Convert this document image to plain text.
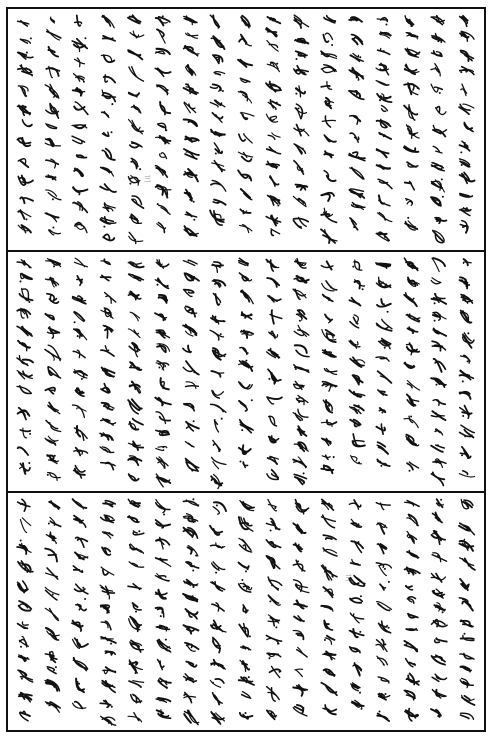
三
三
